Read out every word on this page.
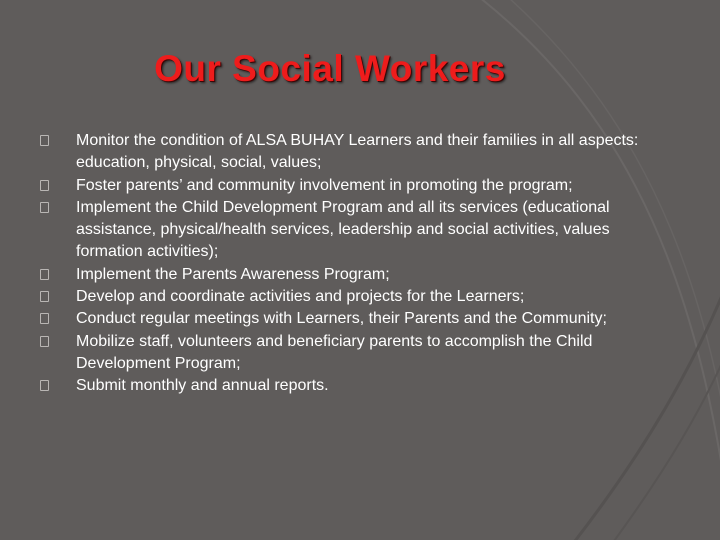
Our Social Workers
Monitor the condition of ALSA BUHAY Learners and their families in all aspects: education, physical, social, values;
Foster parents’ and community involvement in promoting the program;
Implement the Child Development Program and all its services (educational assistance, physical/health services, leadership and social activities, values formation activities);
Implement the Parents Awareness Program;
Develop and coordinate activities and projects for the Learners;
Conduct regular meetings with Learners, their Parents and the Community;
Mobilize staff, volunteers and beneficiary parents to accomplish the Child Development Program;
Submit monthly and annual reports.
